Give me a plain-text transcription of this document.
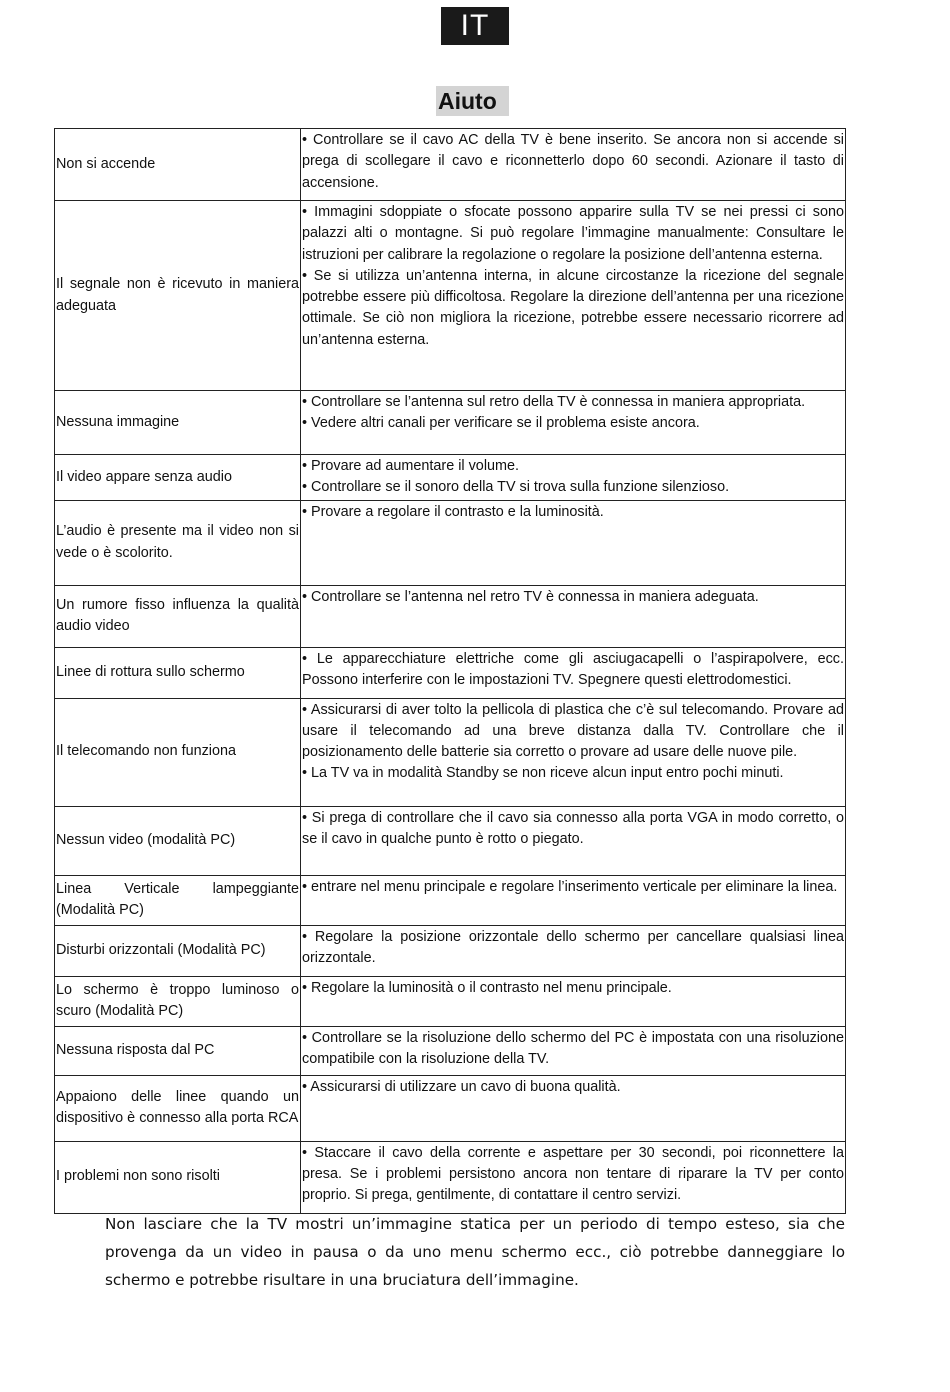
IT
Aiuto
Non si accende	• Controllare se il cavo AC della TV è bene inserito. Se ancora non si accende si prega di scollegare il cavo e riconnetterlo dopo 60 secondi. Azionare il tasto di accensione.

Il segnale non è ricevuto in maniera adeguata	• Immagini sdoppiate o sfocate possono apparire sulla TV se nei pressi ci sono palazzi alti o montagne. Si può regolare l’immagine manualmente: Consultare le istruzioni per calibrare la regolazione o regolare la posizione dell’antenna esterna.
• Se si utilizza un’antenna interna, in alcune circostanze la ricezione del segnale potrebbe essere più difficoltosa. Regolare la direzione dell’antenna per una ricezione ottimale. Se ciò non migliora la ricezione, potrebbe essere necessario ricorrere ad un’antenna esterna.

Nessuna immagine	• Controllare se l’antenna sul retro della TV è connessa in maniera appropriata.
• Vedere altri canali per verificare se il problema esiste ancora.

Il video appare senza audio	• Provare ad aumentare il volume.
• Controllare se il sonoro della TV si trova sulla funzione silenzioso.

L’audio è presente ma il video non si vede o è scolorito.	• Provare a regolare il contrasto e la luminosità.

Un rumore fisso influenza la qualità audio video	• Controllare se l’antenna nel retro TV è connessa in maniera adeguata.

Linee di rottura sullo schermo	• Le apparecchiature elettriche come gli asciugacapelli o l’aspirapolvere, ecc. Possono interferire con le impostazioni TV. Spegnere questi elettrodomestici.

Il telecomando non funziona	• Assicurarsi di aver tolto la pellicola di plastica che c’è sul telecomando. Provare ad usare il telecomando ad una breve distanza dalla TV. Controllare che il posizionamento delle batterie sia corretto o provare ad usare delle nuove pile.
• La TV va in modalità Standby se non riceve alcun input entro pochi minuti.

Nessun video (modalità PC)	• Si prega di controllare che il cavo sia connesso alla porta VGA in modo corretto, o se il cavo in qualche punto è rotto o piegato.

Linea Verticale lampeggiante (Modalità PC)	• entrare nel menu principale e regolare l’inserimento verticale per eliminare la linea.

Disturbi orizzontali (Modalità PC)	• Regolare la posizione orizzontale dello schermo per cancellare qualsiasi linea orizzontale.

Lo schermo è troppo luminoso o scuro (Modalità PC)	• Regolare la luminosità o il contrasto nel menu principale.

Nessuna risposta dal PC	• Controllare se la risoluzione dello schermo del PC è impostata con una risoluzione compatibile con la risoluzione della TV.

Appaiono delle linee quando un dispositivo è connesso alla porta RCA	• Assicurarsi di utilizzare un cavo di buona qualità.

I problemi non sono risolti	• Staccare il cavo della corrente e aspettare per 30 secondi, poi riconnettere la presa. Se i problemi persistono ancora non tentare di riparare la TV per conto proprio. Si prega, gentilmente, di contattare il centro servizi.
Non lasciare che la TV mostri un’immagine statica per un periodo di tempo esteso, sia che provenga da un video in pausa o da uno menu schermo ecc., ciò potrebbe danneggiare lo schermo e potrebbe risultare in una bruciatura dell’immagine.
